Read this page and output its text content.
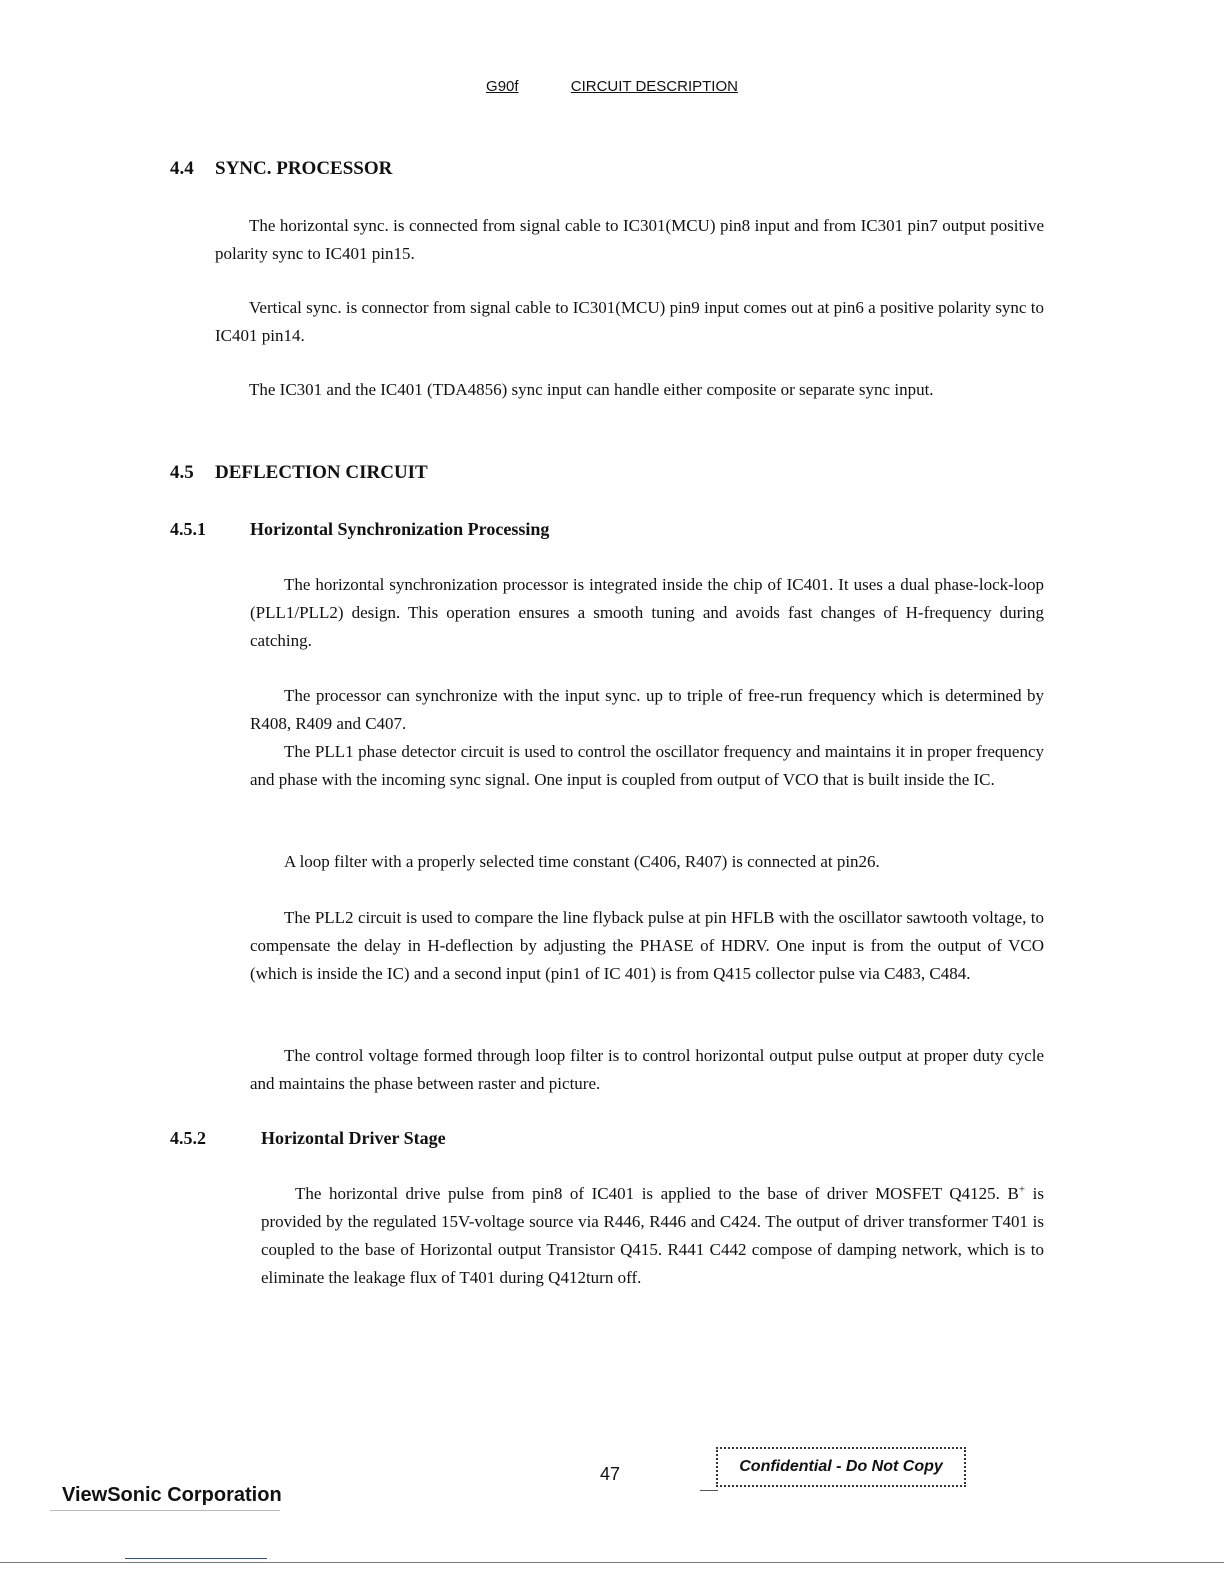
G90f	CIRCUIT DESCRIPTION
4.4 SYNC. PROCESSOR

The horizontal sync. is connected from signal cable to IC301(MCU) pin8 input and from IC301 pin7 output positive polarity sync to IC401 pin15.

Vertical sync. is connector from signal cable to IC301(MCU) pin9 input comes out at pin6 a positive polarity sync to IC401 pin14.

The IC301 and the IC401 (TDA4856) sync input can handle either composite or separate sync input.

4.5 DEFLECTION CIRCUIT
4.5.1 Horizontal Synchronization Processing

The horizontal synchronization processor is integrated inside the chip of IC401. It uses a dual phase-lock-loop (PLL1/PLL2) design. This operation ensures a smooth tuning and avoids fast changes of H-frequency during catching.

The processor can synchronize with the input sync. up to triple of free-run frequency which is determined by R408, R409 and C407.

The PLL1 phase detector circuit is used to control the oscillator frequency and maintains it in proper frequency and phase with the incoming sync signal. One input is coupled from output of VCO that is built inside the IC.

A loop filter with a properly selected time constant (C406, R407) is connected at pin26.

The PLL2 circuit is used to compare the line flyback pulse at pin HFLB with the oscillator sawtooth voltage, to compensate the delay in H-deflection by adjusting the PHASE of HDRV. One input is from the output of VCO (which is inside the IC) and a second input (pin1 of IC 401) is from Q415 collector pulse via C483, C484.

The control voltage formed through loop filter is to control horizontal output pulse output at proper duty cycle and maintains the phase between raster and picture.

4.5.2	Horizontal Driver Stage

The horizontal drive pulse from pin8 of IC401 is applied to the base of driver MOSFET Q4125. B+ is provided by the regulated 15V-voltage source via R446, R446 and C424. The output of driver transformer T401 is coupled to the base of Horizontal output Transistor Q415. R441 C442 compose of damping network, which is to eliminate the leakage flux of T401 during Q412turn off.

47	Confidential - Do Not Copy
ViewSonic Corporation
